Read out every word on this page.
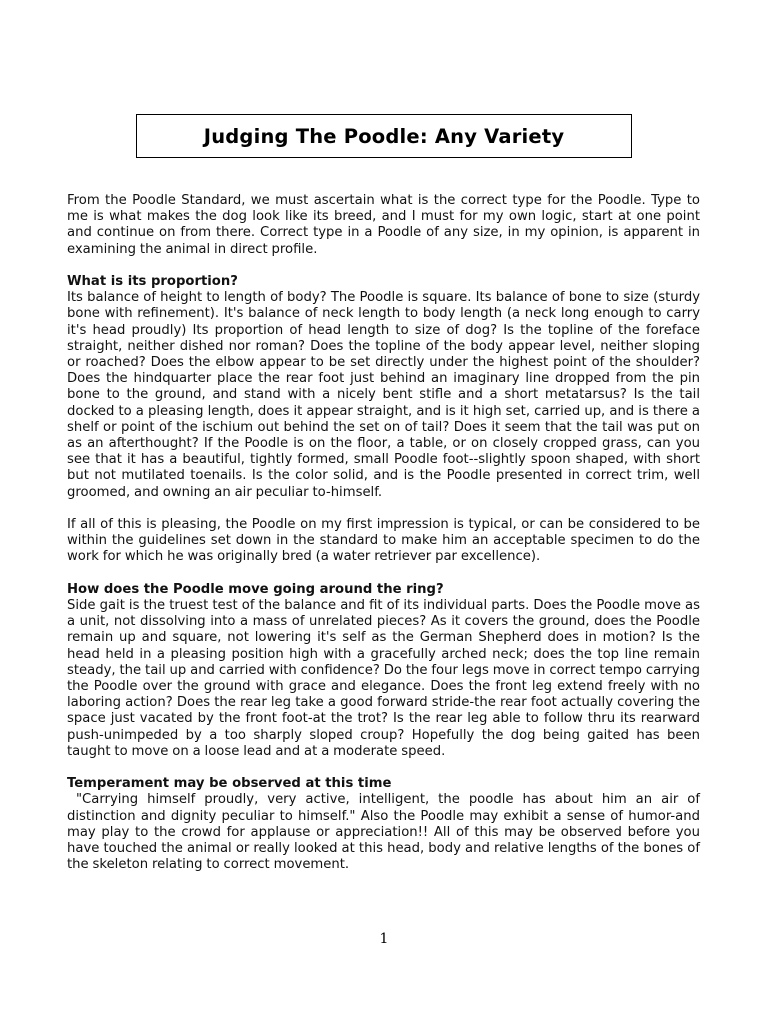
Judging The Poodle: Any Variety

From the Poodle Standard, we must ascertain what is the correct type for the Poodle. Type to me is what makes the dog look like its breed, and I must for my own logic, start at one point and continue on from there. Correct type in a Poodle of any size, in my opinion, is apparent in examining the animal in direct profile.

What is its proportion?

Its balance of height to length of body? The Poodle is square. Its balance of bone to size (sturdy bone with refinement). It's balance of neck length to body length (a neck long enough to carry it's head proudly) Its proportion of head length to size of dog? Is the topline of the foreface straight, neither dished nor roman? Does the topline of the body appear level, neither sloping or roached? Does the elbow appear to be set directly under the highest point of the shoulder? Does the hindquarter place the rear foot just behind an imaginary line dropped from the pin bone to the ground, and stand with a nicely bent stifle and a short metatarsus? Is the tail docked to a pleasing length, does it appear straight, and is it high set, carried up, and is there a shelf or point of the ischium out behind the set on of tail? Does it seem that the tail was put on as an afterthought? If the Poodle is on the floor, a table, or on closely cropped grass, can you see that it has a beautiful, tightly formed, small Poodle foot--slightly spoon shaped, with short but not mutilated toenails. Is the color solid, and is the Poodle presented in correct trim, well groomed, and owning an air peculiar to-himself.

If all of this is pleasing, the Poodle on my first impression is typical, or can be considered to be within the guidelines set down in the standard to make him an acceptable specimen to do the work for which he was originally bred (a water retriever par excellence).

How does the Poodle move going around the ring?

Side gait is the truest test of the balance and fit of its individual parts. Does the Poodle move as a unit, not dissolving into a mass of unrelated pieces? As it covers the ground, does the Poodle remain up and square, not lowering it's self as the German Shepherd does in motion? Is the head held in a pleasing position high with a gracefully arched neck; does the top line remain steady, the tail up and carried with confidence? Do the four legs move in correct tempo carrying the Poodle over the ground with grace and elegance. Does the front leg extend freely with no laboring action? Does the rear leg take a good forward stride-the rear foot actually covering the space just vacated by the front foot-at the trot? Is the rear leg able to follow thru its rearward push-unimpeded by a too sharply sloped croup? Hopefully the dog being gaited has been taught to move on a loose lead and at a moderate speed.

Temperament may be observed at this time

"Carrying himself proudly, very active, intelligent, the poodle has about him an air of distinction and dignity peculiar to himself." Also the Poodle may exhibit a sense of humor-and may play to the crowd for applause or appreciation!! All of this may be observed before you have touched the animal or really looked at this head, body and relative lengths of the bones of the skeleton relating to correct movement.

1
